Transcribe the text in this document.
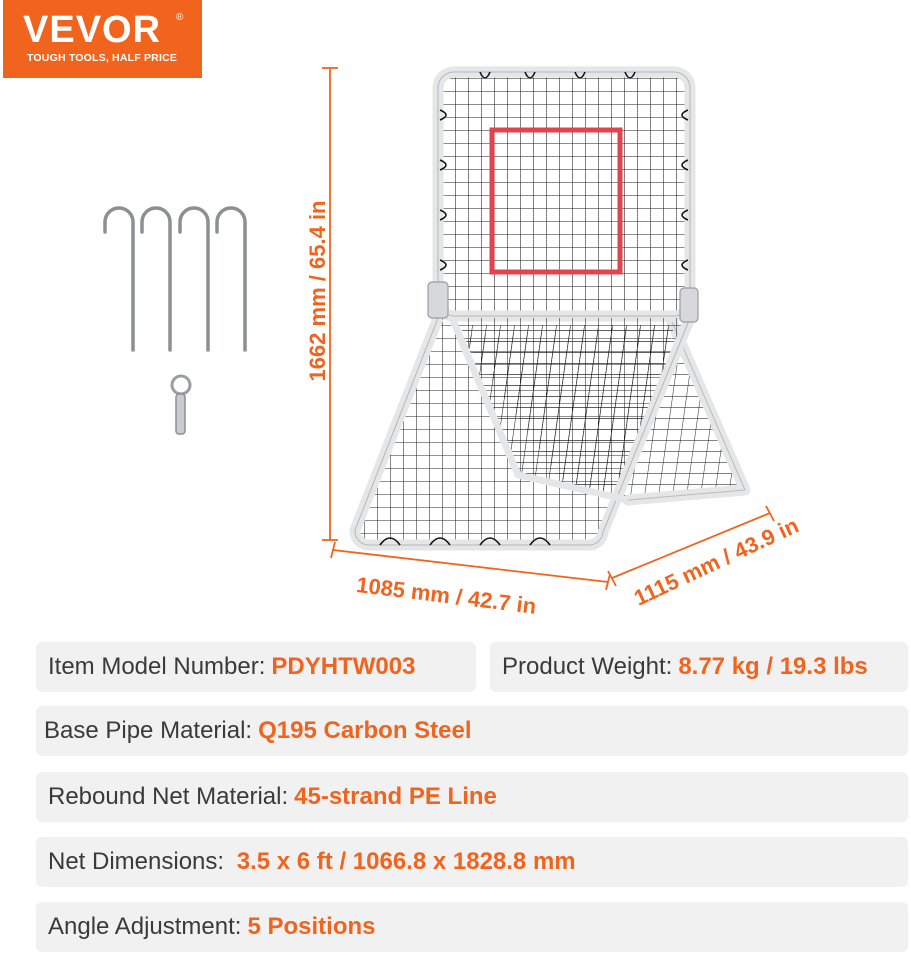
VEVOR ®
TOUGH TOOLS, HALF PRICE
1662 mm / 65.4 in
1085 mm / 42.7 in	1115 mm / 43.9 in
Item Model Number: PDYHTW003	Product Weight: 8.77 kg / 19.3 lbs
Base Pipe Material: Q195 Carbon Steel
Rebound Net Material: 45-strand PE Line
Net Dimensions: 3.5 x 6 ft / 1066.8 x 1828.8 mm
Angle Adjustment: 5 Positions
